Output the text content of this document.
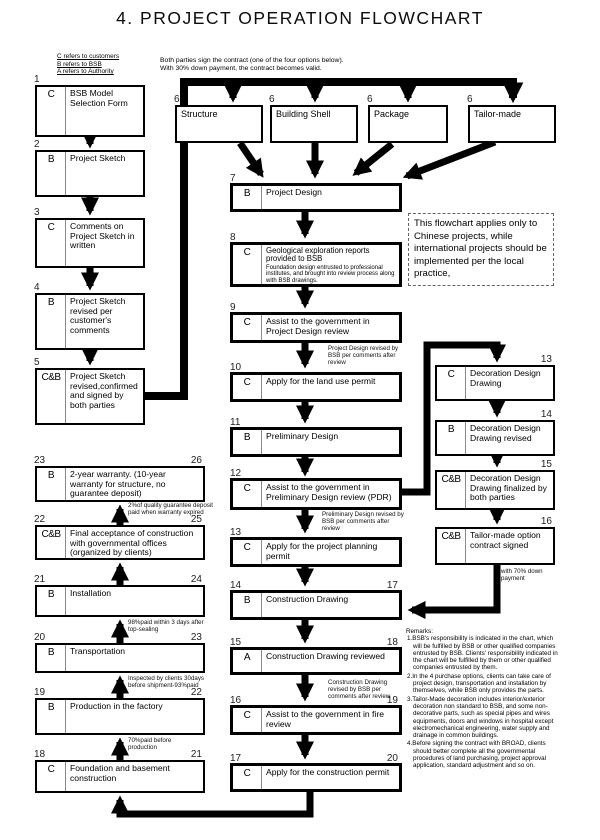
4. PROJECT OPERATION FLOWCHART
C refers to customers
B refers to BSB
A refers to Authority
Both parties sign the contract (one of the four options below).
With 30% down payment, the contract becomes valid.
6
Structure
6
Building Shell
6
Package
6
Tailor-made
1
C	BSB Model Selection Form
2
B	Project Sketch
3
C	Comments on Project Sketch in written
4
B	Project Sketch revised per customer's comments
5
C&B	Project Sketch revised,confirmed and signed by both parties
7
B	Project Design
8
C	Geological exploration reports provided to BSB
Foundation design entrusted to professional institutes, and brought into review process along with BSB drawings.
9
C	Assist to the government in Project Design review
10
C	Apply for the land use permit
11
B	Preliminary Design
12
C	Assist to the government in Preliminary Design review (PDR)
13
C	Apply for the project planning permit
14	17
B	Construction Drawing
15	18
A	Construction Drawing reviewed
16	19
C	Assist to the government in fire review
17	20
C	Apply for the construction permit
Project Design revised by BSB per comments after review
Preliminary Design revised by BSB per comments after review
Construction Drawing revised by BSB per comments after review
This flowchart applies only to Chinese projects, while international projects should be implemented per the local practice,
13
C	Decoration Design Drawing
14
B	Decoration Design Drawing revised
15
C&B	Decoration Design Drawing finalized by both parties
16
C&B	Tailor-made option contract signed
with 70% down payment
23	26
B	2-year warranty. (10-year warranty for structure, no guarantee deposit)
22	25
C&B	Final acceptance of construction with governmental offices (organized by clients)
21	24
B	Installation
20	23
B	Transportation
19	22
B	Production in the factory
18	21
C	Foundation and basement construction
2%of quality guarantee deposit paid when warranty expired
98%paid within 3 days after top-sealing
Inspected by clients 30days before shipment-93%paid
70%paid before production
Remarks:
1.BSB's responsibility is indicated in the chart, which will be fulfilled by BSB or other qualified companies entrusted by BSB. Clients' responsibility indicated in the chart will be fulfilled by them or other qualified companies entrusted by them.
2.In the 4 purchase options, clients can take care of project design, transportation and installation by themselves, while BSB only provides the parts.
3.Tailor-Made decoration includes interior/exterior decoration non standard to BSB, and some non-decorative parts, such as special pipes and wires equipments, doors and windows in hospital except electromechanical engineering, water supply and drainage in common buildings.
4.Before signing the contract with BROAD, clients should better complete all the governmental procedures of land purchasing, project approval application, standard adjustment and so on.
